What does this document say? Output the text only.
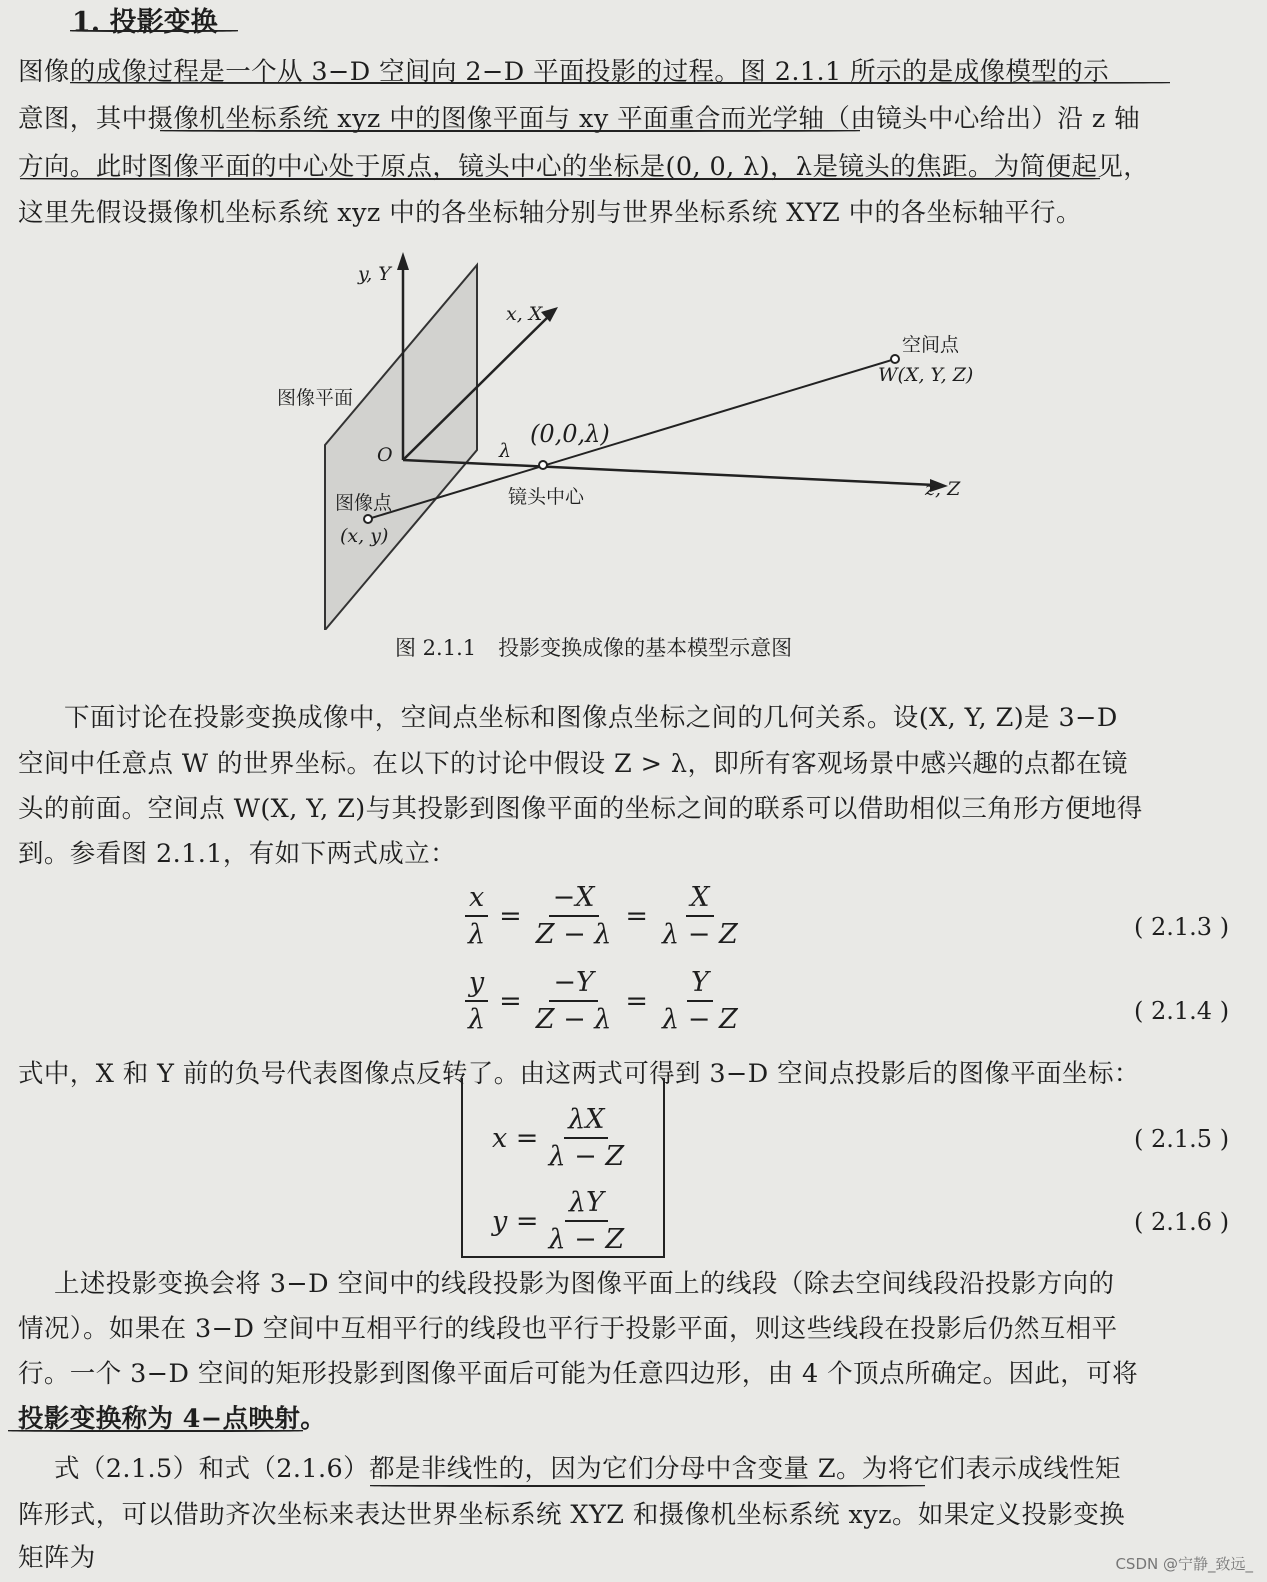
1. 投影变换
图像的成像过程是一个从 3−D 空间向 2−D 平面投影的过程。图 2.1.1 所示的是成像模型的示
意图，其中摄像机坐标系统 xyz 中的图像平面与 xy 平面重合而光学轴（由镜头中心给出）沿 z 轴
方向。此时图像平面的中心处于原点，镜头中心的坐标是(0, 0, λ)，λ是镜头的焦距。为简便起见，
这里先假设摄像机坐标系统 xyz 中的各坐标轴分别与世界坐标系统 XYZ 中的各坐标轴平行。
y, Y
x, X
z, Z
图像平面
O	λ
(0,0,λ)
镜头中心
图像点
(x, y)
空间点
W(X, Y, Z)
图 2.1.1 投影变换成像的基本模型示意图
下面讨论在投影变换成像中，空间点坐标和图像点坐标之间的几何关系。设(X, Y, Z)是 3−D
空间中任意点 W 的世界坐标。在以下的讨论中假设 Z > λ，即所有客观场景中感兴趣的点都在镜
头的前面。空间点 W(X, Y, Z)与其投影到图像平面的坐标之间的联系可以借助相似三角形方便地得
到。参看图 2.1.1，有如下两式成立：
$\frac{x}{\lambda} = \frac{-X}{Z - \lambda} = \frac{X}{\lambda - Z}$	( 2.1.3 )
$\frac{y}{\lambda} = \frac{-Y}{Z - \lambda} = \frac{Y}{\lambda - Z}$	( 2.1.4 )
式中，X 和 Y 前的负号代表图像点反转了。由这两式可得到 3−D 空间点投影后的图像平面坐标：
$x = \frac{\lambda X}{\lambda - Z}$	( 2.1.5 )
$y = \frac{\lambda Y}{\lambda - Z}$	( 2.1.6 )
上述投影变换会将 3−D 空间中的线段投影为图像平面上的线段（除去空间线段沿投影方向的
情况）。如果在 3−D 空间中互相平行的线段也平行于投影平面，则这些线段在投影后仍然互相平
行。一个 3−D 空间的矩形投影到图像平面后可能为任意四边形，由 4 个顶点所确定。因此，可将
投影变换称为 4−点映射。
式（2.1.5）和式（2.1.6）都是非线性的，因为它们分母中含变量 Z。为将它们表示成线性矩
阵形式，可以借助齐次坐标来表达世界坐标系统 XYZ 和摄像机坐标系统 xyz。如果定义投影变换
矩阵为	CSDN @宁静_致远_
